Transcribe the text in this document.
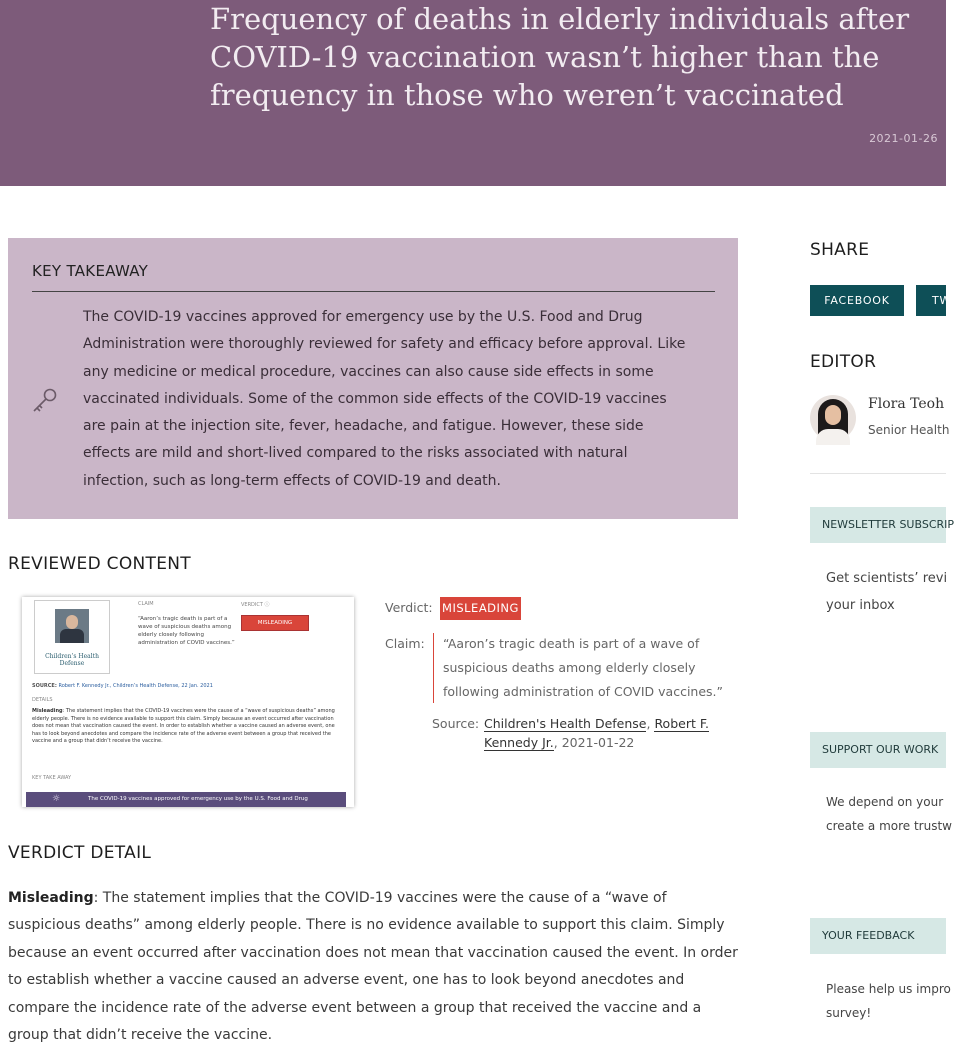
Frequency of deaths in elderly individuals after COVID-19 vaccination wasn’t higher than the frequency in those who weren’t vaccinated
2021-01-26
KEY TAKEAWAY
The COVID-19 vaccines approved for emergency use by the U.S. Food and Drug Administration were thoroughly reviewed for safety and efficacy before approval. Like any medicine or medical procedure, vaccines can also cause side effects in some vaccinated individuals. Some of the common side effects of the COVID-19 vaccines are pain at the injection site, fever, headache, and fatigue. However, these side effects are mild and short-lived compared to the risks associated with natural infection, such as long-term effects of COVID-19 and death.
REVIEWED CONTENT
Children’s Health Defense
CLAIM	VERDICT ⓘ
“Aaron’s tragic death is part of a wave of suspicious deaths among elderly closely following administration of COVID vaccines.”
MISLEADING
SOURCE: Robert F. Kennedy Jr., Children’s Health Defense, 22 Jan. 2021
DETAILS
Misleading: The statement implies that the COVID-19 vaccines were the cause of a “wave of suspicious deaths” among elderly people. There is no evidence available to support this claim. Simply because an event occurred after vaccination does not mean that vaccination caused the event. In order to establish whether a vaccine caused an adverse event, one has to look beyond anecdotes and compare the incidence rate of the adverse event between a group that received the vaccine and a group that didn’t receive the vaccine.
KEY TAKE AWAY
☼	The COVID-19 vaccines approved for emergency use by the U.S. Food and Drug
Verdict: MISLEADING
Claim: “Aaron’s tragic death is part of a wave of suspicious deaths among elderly closely following administration of COVID vaccines.”
Source: Children's Health Defense, Robert F. Kennedy Jr., 2021-01-22
VERDICT DETAIL
Misleading: The statement implies that the COVID-19 vaccines were the cause of a “wave of suspicious deaths” among elderly people. There is no evidence available to support this claim. Simply because an event occurred after vaccination does not mean that vaccination caused the event. In order to establish whether a vaccine caused an adverse event, one has to look beyond anecdotes and compare the incidence rate of the adverse event between a group that received the vaccine and a group that didn’t receive the vaccine.
SHARE
FACEBOOK	TW
EDITOR
Flora Teoh
Senior Health
NEWSLETTER SUBSCRIP
Get scientists’ revi
your inbox
SUPPORT OUR WORK
We depend on your
create a more trustw
YOUR FEEDBACK
Please help us impro
survey!
